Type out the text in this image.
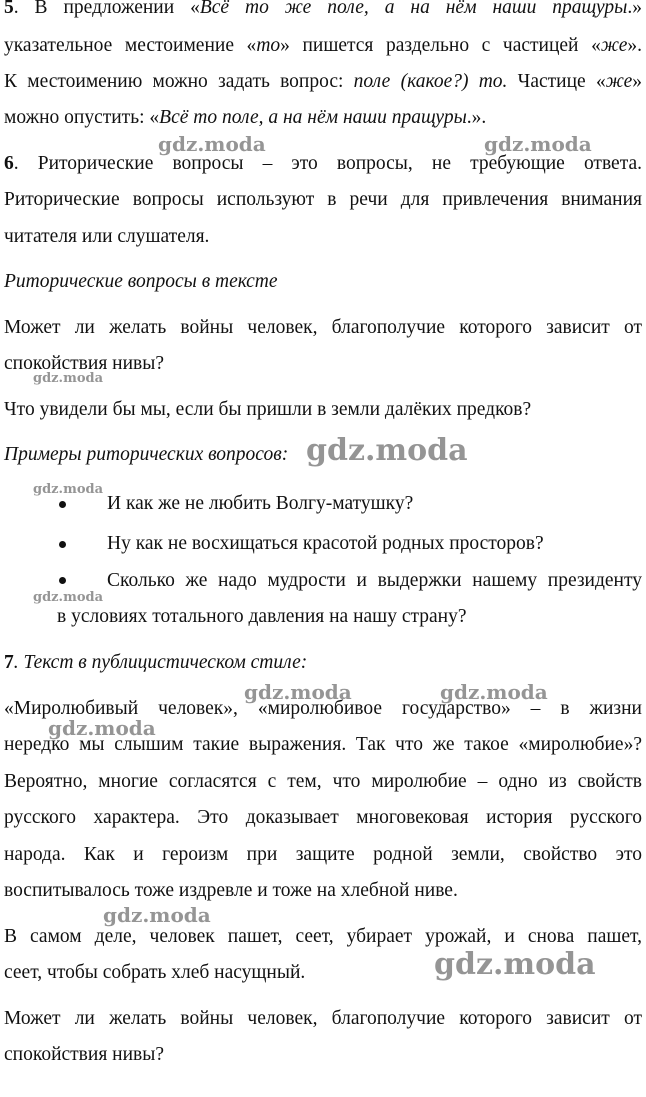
5. В предложении «Всё то же поле, а на нём наши пращуры.»
указательное местоимение «то» пишется раздельно с частицей «же».
К местоимению можно задать вопрос: поле (какое?) то. Частице «же»
можно опустить: «Всё то поле, а на нём наши пращуры.».
6. Риторические вопросы – это вопросы, не требующие ответа.
Риторические вопросы используют в речи для привлечения внимания
читателя или слушателя.
Риторические вопросы в тексте
Может ли желать войны человек, благополучие которого зависит от
спокойствия нивы?
Что увидели бы мы, если бы пришли в земли далёких предков?
Примеры риторических вопросов:
И как же не любить Волгу-матушку?
Ну как не восхищаться красотой родных просторов?
Сколько же надо мудрости и выдержки нашему президенту
в условиях тотального давления на нашу страну?
7. Текст в публицистическом стиле:
«Миролюбивый человек», «миролюбивое государство» – в жизни
нередко мы слышим такие выражения. Так что же такое «миролюбие»?
Вероятно, многие согласятся с тем, что миролюбие – одно из свойств
русского характера. Это доказывает многовековая история русского
народа. Как и героизм при защите родной земли, свойство это
воспитывалось тоже издревле и тоже на хлебной ниве.
В самом деле, человек пашет, сеет, убирает урожай, и снова пашет,
сеет, чтобы собрать хлеб насущный.
Может ли желать войны человек, благополучие которого зависит от
спокойствия нивы?
gdz.moda	gdz.moda
gdz.moda
gdz.moda
gdz.moda
gdz.moda
gdz.moda	gdz.moda
gdz.moda
gdz.moda
gdz.moda
